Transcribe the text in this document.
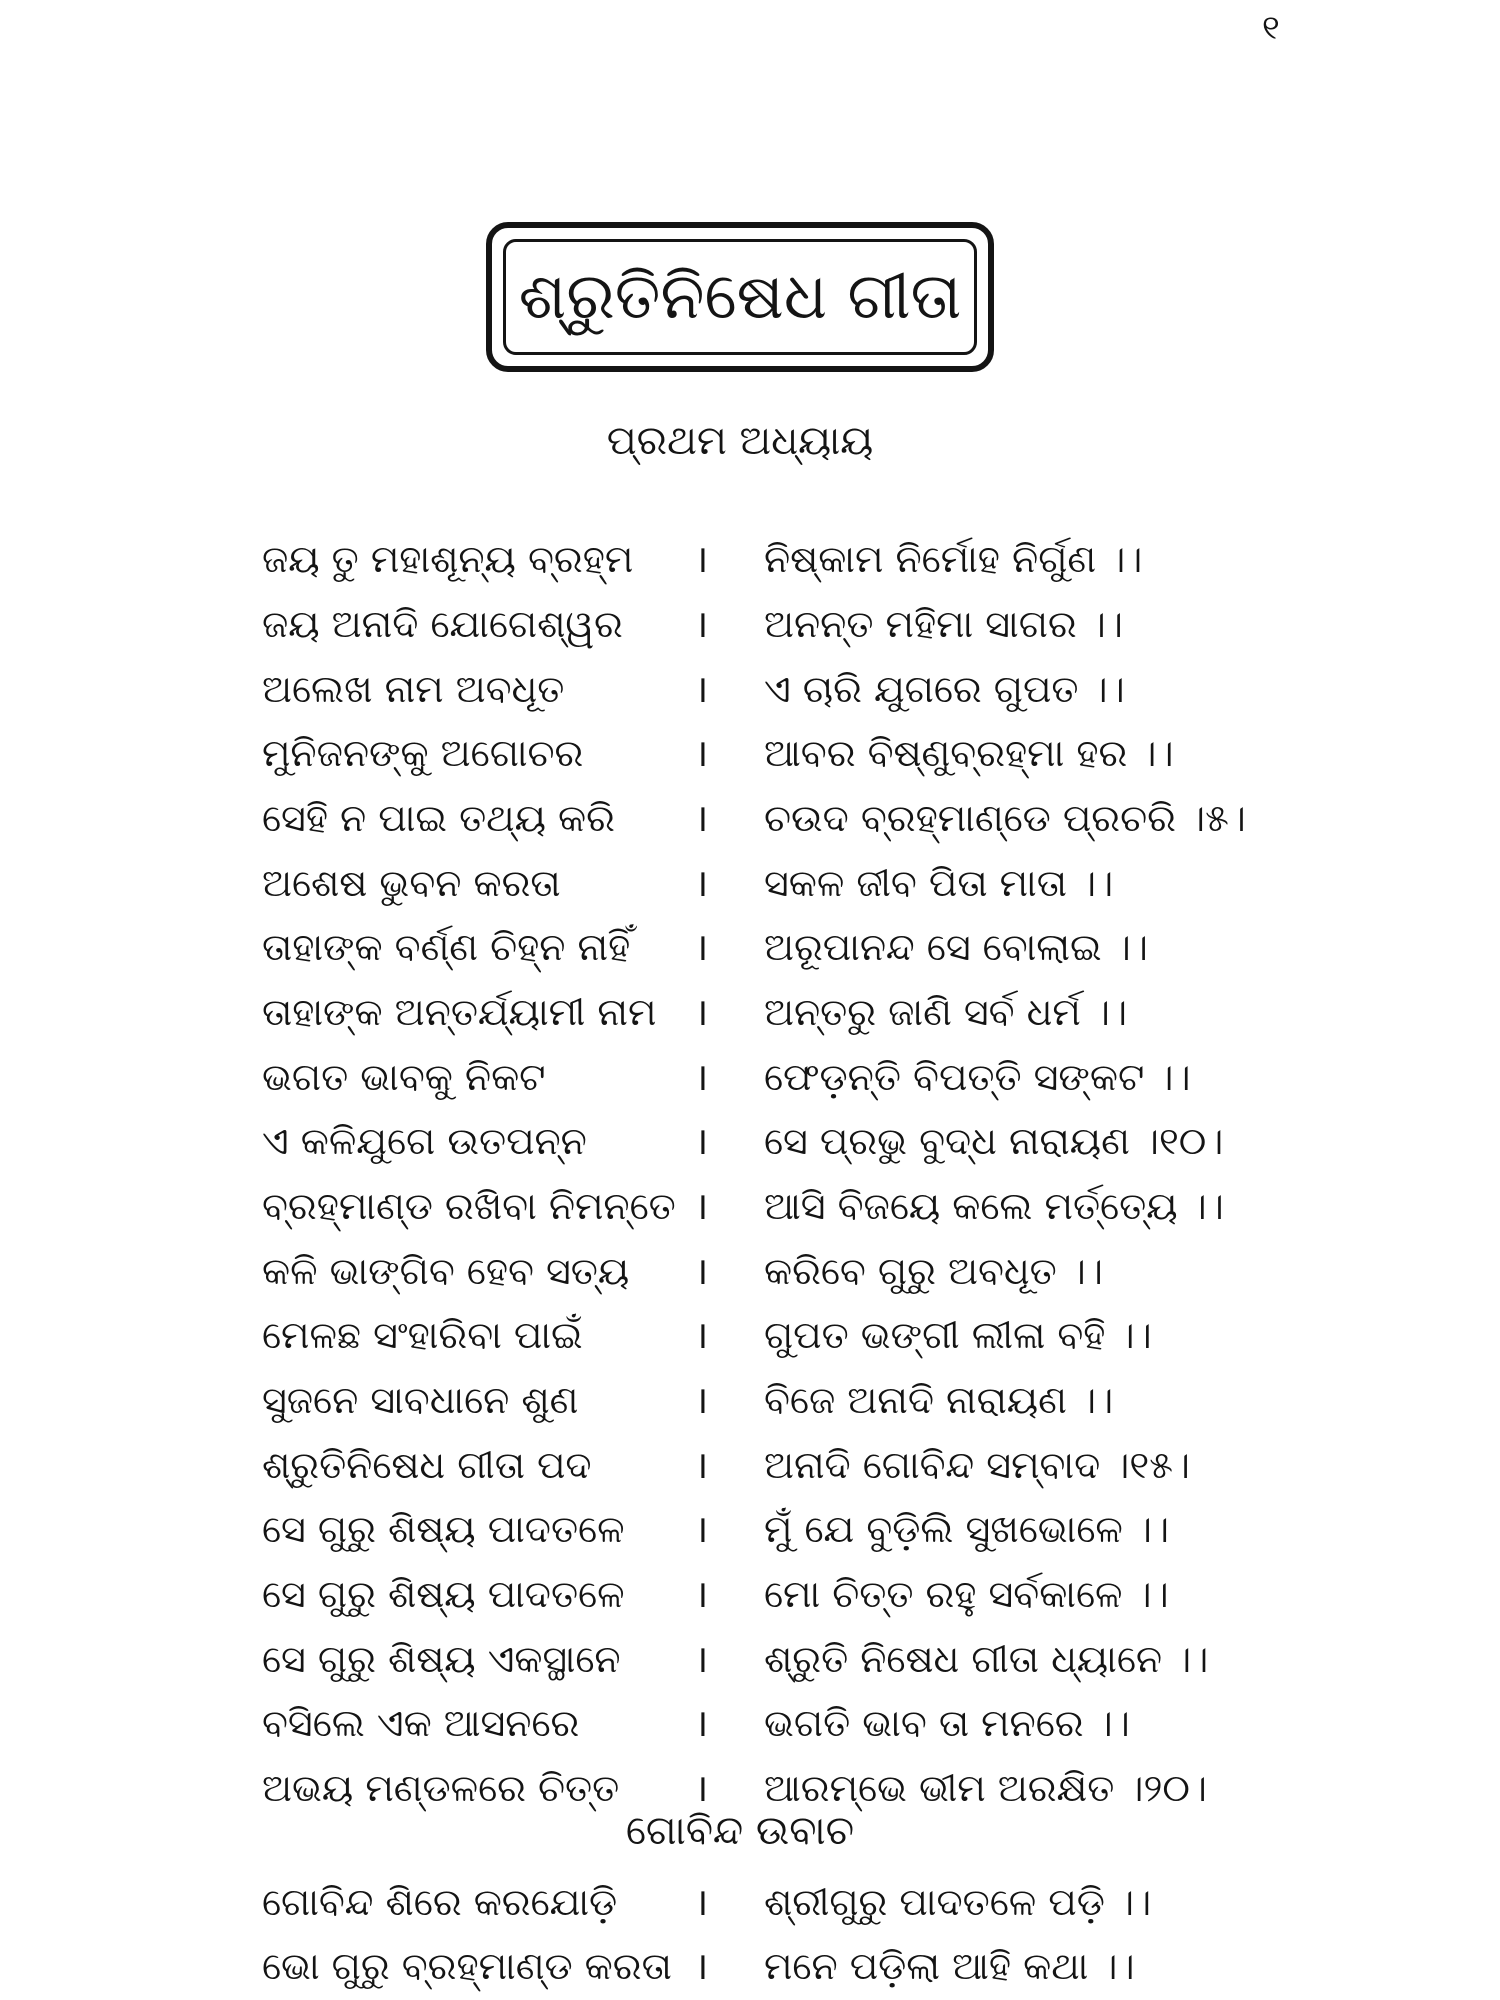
୧
ଶ୍ରୁତିନିଷେଧ ଗୀତା
ପ୍ରଥମ ଅଧ୍ୟାୟ
ଜୟ ତୁ ମହାଶୂନ୍ୟ ବ୍ରହ୍ମ । ନିଷ୍କାମ ନିର୍ମୋହ ନିର୍ଗୁଣ ।।
ଜୟ ଅନାଦି ଯୋଗେଶ୍ୱର । ଅନନ୍ତ ମହିମା ସାଗର ।।
ଅଲେଖ ନାମ ଅବଧୂତ	। ଏ ଚାରି ଯୁଗରେ ଗୁପତ ।।
ମୁନିଜନଙ୍କୁ ଅଗୋଚର	। ଆବର ବିଷ୍ଣୁବ୍ରହ୍ମା ହର ।।
ସେହି ନ ପାଇ ତଥ୍ୟ କରି । ଚଉଦ ବ୍ରହ୍ମାଣ୍ଡେ ପ୍ରଚରି ।୫।
ଅଶେଷ ଭୁବନ କରତା	। ସକଳ ଜୀବ ପିତା ମାତା ।।
ତାହାଙ୍କ ବର୍ଣ୍ଣ ଚିହ୍ନ ନାହିଁ । ଅରୂପାନନ୍ଦ ସେ ବୋଲାଇ ।।
ତାହାଙ୍କ ଅନ୍ତର୍ଯ୍ୟାମୀ ନାମ । ଅନ୍ତରୁ ଜାଣି ସର୍ବ ଧର୍ମ ।।
ଭଗତ ଭାବକୁ ନିକଟ	। ଫେଡ଼ନ୍ତି ବିପତ୍ତି ସଙ୍କଟ ।।
ଏ କଳିଯୁଗେ ଉତପନ୍ନ	। ସେ ପ୍ରଭୁ ବୁଦ୍ଧ ନାରାୟଣ ।୧୦।
ବ୍ରହ୍ମାଣ୍ଡ ରଖିବା ନିମନ୍ତେ । ଆସି ବିଜୟେ କଲେ ମର୍ତ୍ତ୍ୟେ ।।
କଳି ଭାଙ୍ଗିବ ହେବ ସତ୍ୟ । କରିବେ ଗୁରୁ ଅବଧୂତ ।।
ମେଳଛ ସଂହାରିବା ପାଇଁ	। ଗୁପତ ଭଙ୍ଗୀ ଲୀଳା ବହି ।।
ସୁଜନେ ସାବଧାନେ ଶୁଣ	। ବିଜେ ଅନାଦି ନାରାୟଣ ।।
ଶ୍ରୁତିନିଷେଧ ଗୀତା ପଦ	। ଅନାଦି ଗୋବିନ୍ଦ ସମ୍ବାଦ ।୧୫।
ସେ ଗୁରୁ ଶିଷ୍ୟ ପାଦତଳେ । ମୁଁ ଯେ ବୁଡ଼ିଲି ସୁଖଭୋଳେ ।।
ସେ ଗୁରୁ ଶିଷ୍ୟ ପାଦତଳେ । ମୋ ଚିତ୍ତ ରହୁ ସର୍ବକାଳେ ।।
ସେ ଗୁରୁ ଶିଷ୍ୟ ଏକସ୍ଥାନେ । ଶ୍ରୁତି ନିଷେଧ ଗୀତା ଧ୍ୟାନେ ।।
ବସିଲେ ଏକ ଆସନରେ	। ଭଗତି ଭାବ ତା ମନରେ ।।
ଅଭୟ ମଣ୍ଡଳରେ ଚିତ୍ତ । ଆରମ୍ଭେ ଭୀମ ଅରକ୍ଷିତ ।୨୦।
ଗୋବିନ୍ଦ ଶିରେ କରଯୋଡ଼ି । ଶ୍ରୀଗୁରୁ ପାଦତଳେ ପଡ଼ି ।।
ଭୋ ଗୁରୁ ବ୍ରହ୍ମାଣ୍ଡ କରତା । ମନେ ପଡ଼ିଲା ଆହି କଥା ।।
ଗୋବିନ୍ଦ ଉବାଚ
